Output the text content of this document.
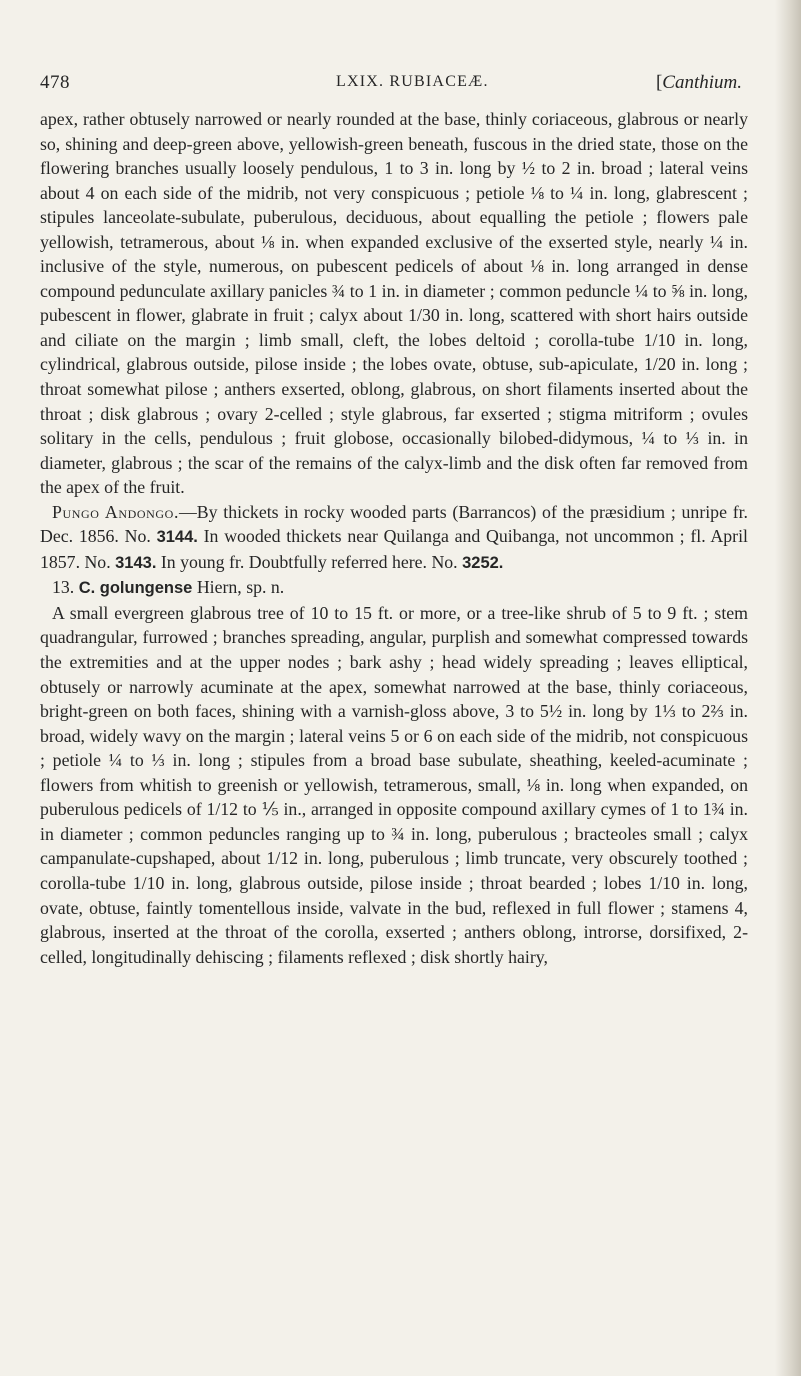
478	LXIX. RUBIACEÆ.	[Canthium.

apex, rather obtusely narrowed or nearly rounded at the base, thinly coriaceous, glabrous or nearly so, shining and deep-green above, yellowish-green beneath, fuscous in the dried state, those on the flowering branches usually loosely pendulous, 1 to 3 in. long by ½ to 2 in. broad ; lateral veins about 4 on each side of the midrib, not very conspicuous ; petiole ⅛ to ¼ in. long, glabrescent ; stipules lanceolate-subulate, puberulous, deciduous, about equalling the petiole ; flowers pale yellowish, tetramerous, about ⅛ in. when expanded exclusive of the exserted style, nearly ¼ in. inclusive of the style, numerous, on pubescent pedicels of about ⅛ in. long arranged in dense compound pedunculate axillary panicles ¾ to 1 in. in diameter ; common peduncle ¼ to ⅝ in. long, pubescent in flower, glabrate in fruit ; calyx about 1/30 in. long, scattered with short hairs outside and ciliate on the margin ; limb small, cleft, the lobes deltoid ; corolla-tube 1/10 in. long, cylindrical, glabrous outside, pilose inside ; the lobes ovate, obtuse, sub-apiculate, 1/20 in. long ; throat somewhat pilose ; anthers exserted, oblong, glabrous, on short filaments inserted about the throat ; disk glabrous ; ovary 2-celled ; style glabrous, far exserted ; stigma mitriform ; ovules solitary in the cells, pendulous ; fruit globose, occasionally bilobed-didymous, ¼ to ⅓ in. in diameter, glabrous ; the scar of the remains of the calyx-limb and the disk often far removed from the apex of the fruit.

Pungo Andongo.—By thickets in rocky wooded parts (Barrancos) of the præsidium ; unripe fr. Dec. 1856. No. 3144. In wooded thickets near Quilanga and Quibanga, not uncommon ; fl. April 1857. No. 3143. In young fr. Doubtfully referred here. No. 3252.

13. C. golungense Hiern, sp. n.

A small evergreen glabrous tree of 10 to 15 ft. or more, or a tree-like shrub of 5 to 9 ft. ; stem quadrangular, furrowed ; branches spreading, angular, purplish and somewhat compressed towards the extremities and at the upper nodes ; bark ashy ; head widely spreading ; leaves elliptical, obtusely or narrowly acuminate at the apex, somewhat narrowed at the base, thinly coriaceous, bright-green on both faces, shining with a varnish-gloss above, 3 to 5½ in. long by 1⅓ to 2⅔ in. broad, widely wavy on the margin ; lateral veins 5 or 6 on each side of the midrib, not conspicuous ; petiole ¼ to ⅓ in. long ; stipules from a broad base subulate, sheathing, keeled-acuminate ; flowers from whitish to greenish or yellowish, tetramerous, small, ⅛ in. long when expanded, on puberulous pedicels of 1/12 to ⅕ in., arranged in opposite compound axillary cymes of 1 to 1¾ in. in diameter ; common peduncles ranging up to ¾ in. long, puberulous ; bracteoles small ; calyx campanulate-cupshaped, about 1/12 in. long, puberulous ; limb truncate, very obscurely toothed ; corolla-tube 1/10 in. long, glabrous outside, pilose inside ; throat bearded ; lobes 1/10 in. long, ovate, obtuse, faintly tomentellous inside, valvate in the bud, reflexed in full flower ; stamens 4, glabrous, inserted at the throat of the corolla, exserted ; anthers oblong, introrse, dorsifixed, 2-celled, longitudinally dehiscing ; filaments reflexed ; disk shortly hairy,
